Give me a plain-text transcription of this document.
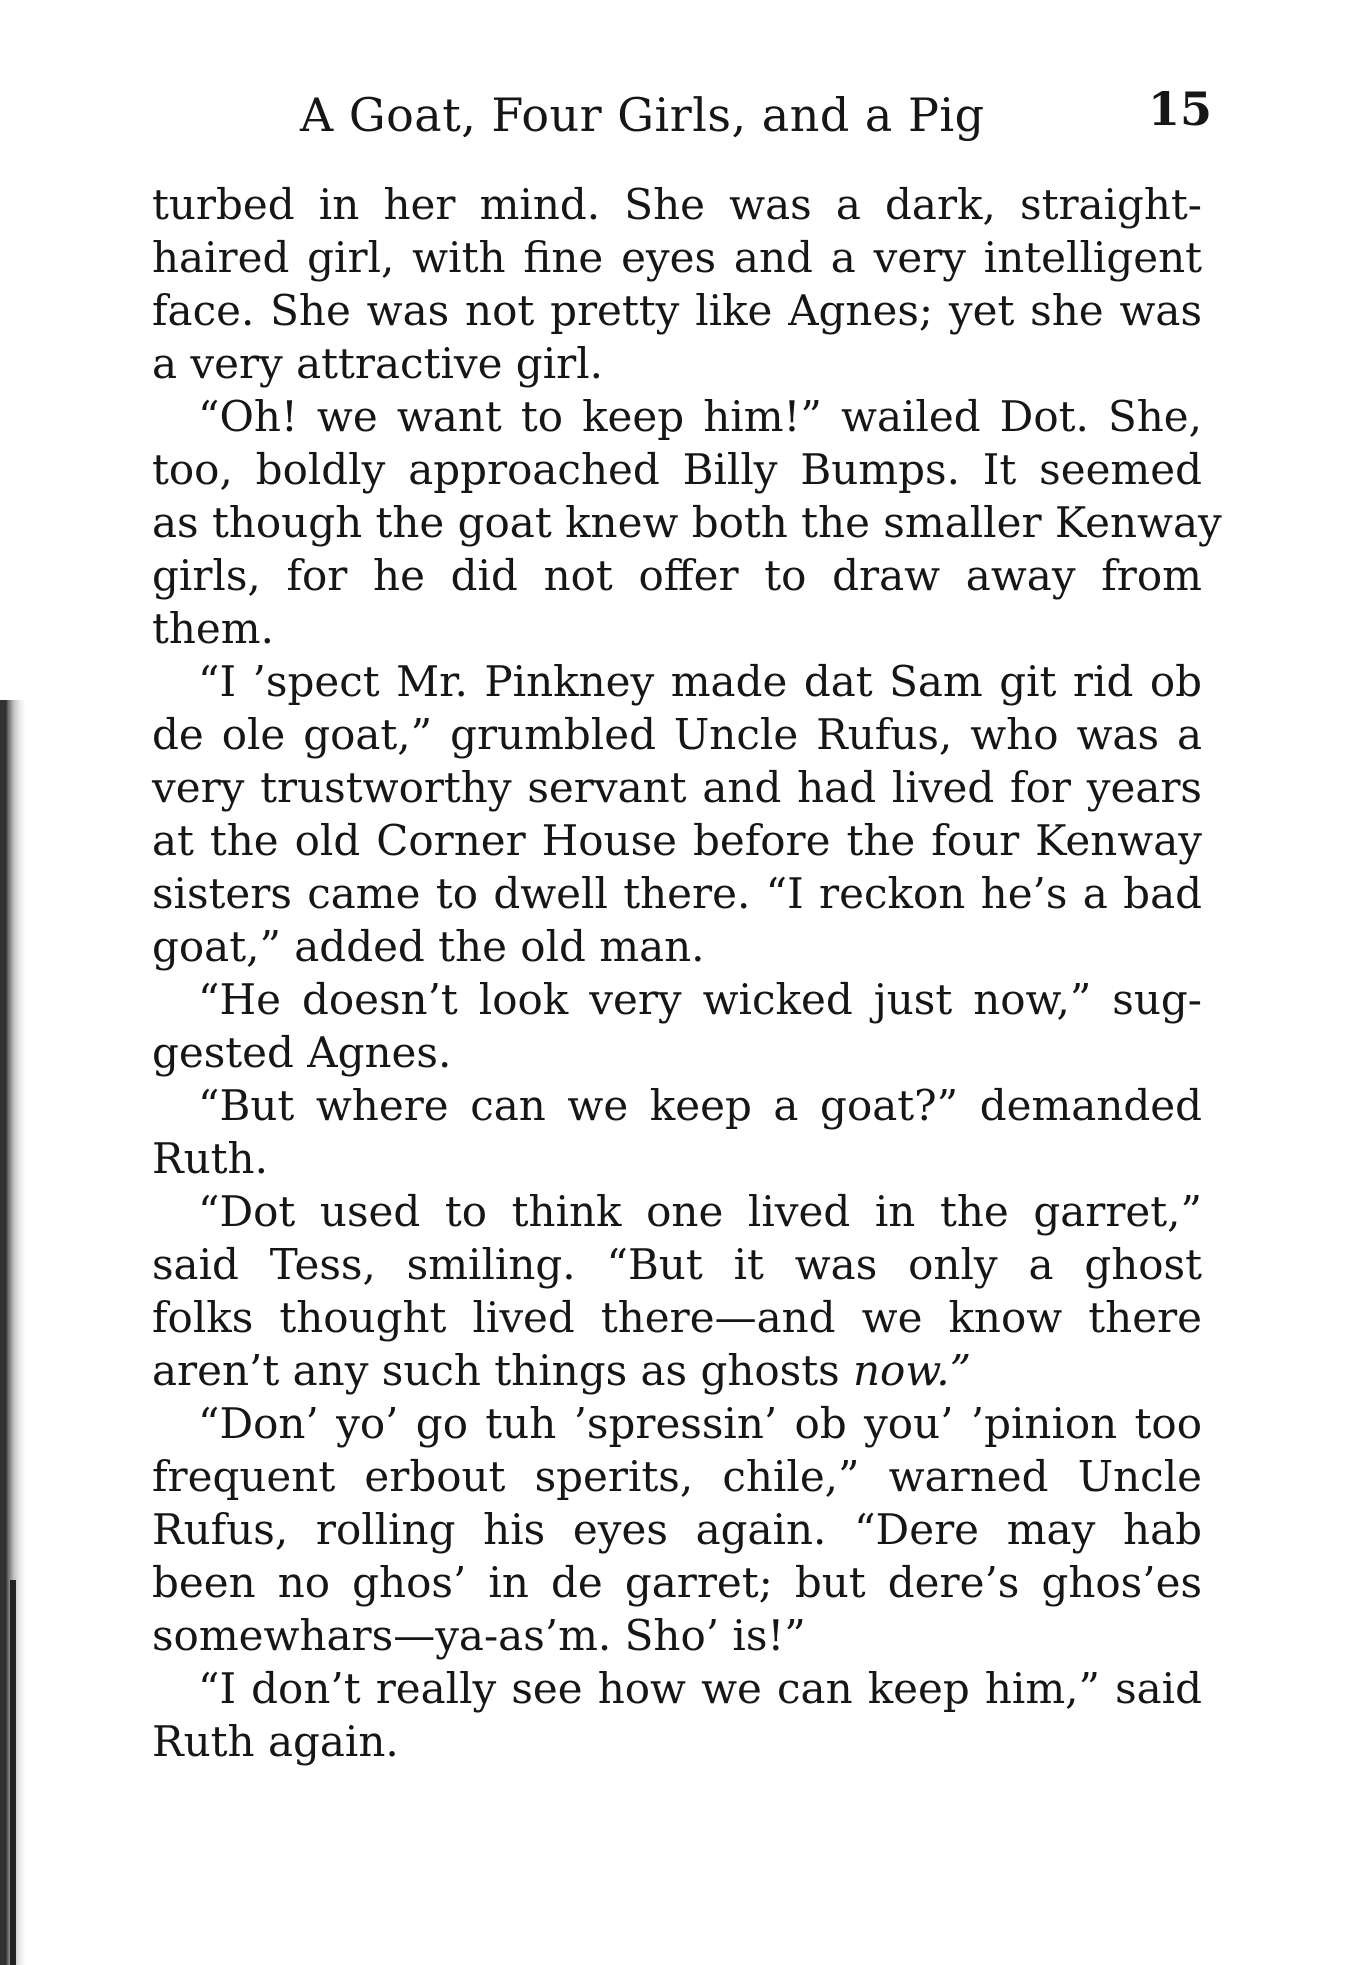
A Goat, Four Girls, and a Pig	15
turbed in her mind. She was a dark, straight-
haired girl, with fine eyes and a very intelligent
face. She was not pretty like Agnes; yet she was
a very attractive girl.
“Oh! we want to keep him!” wailed Dot. She,
too, boldly approached Billy Bumps. It seemed
as though the goat knew both the smaller Kenway
girls, for he did not offer to draw away from
them.
“I ’spect Mr. Pinkney made dat Sam git rid ob
de ole goat,” grumbled Uncle Rufus, who was a
very trustworthy servant and had lived for years
at the old Corner House before the four Kenway
sisters came to dwell there. “I reckon he’s a bad
goat,” added the old man.
“He doesn’t look very wicked just now,” sug-
gested Agnes.
“But where can we keep a goat?” demanded
Ruth.
“Dot used to think one lived in the garret,”
said Tess, smiling. “But it was only a ghost
folks thought lived there—and we know there
aren’t any such things as ghosts now.”
“Don’ yo’ go tuh ’spressin’ ob you’ ’pinion too
frequent erbout sperits, chile,” warned Uncle
Rufus, rolling his eyes again. “Dere may hab
been no ghos’ in de garret; but dere’s ghos’es
somewhars—ya-as’m. Sho’ is!”
“I don’t really see how we can keep him,” said
Ruth again.
